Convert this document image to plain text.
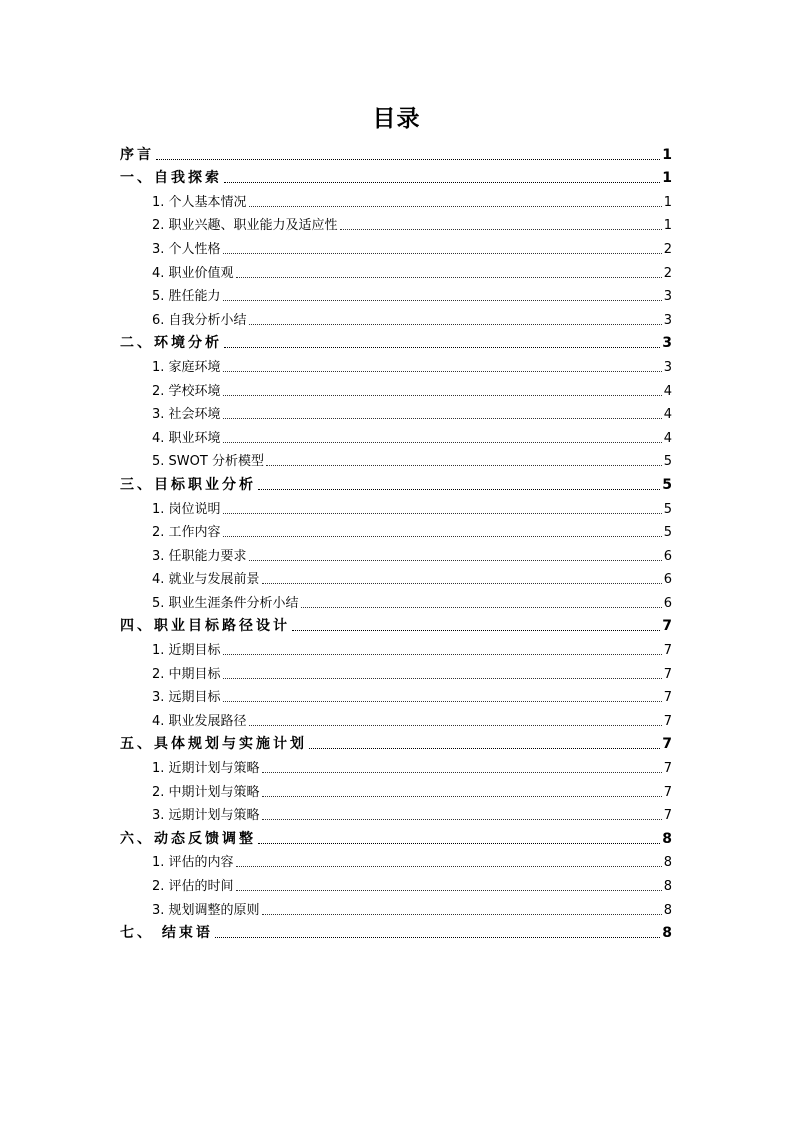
目录
序言	1
一、自我探索	1
1. 个人基本情况	1
2. 职业兴趣、职业能力及适应性	1
3. 个人性格	2
4. 职业价值观	2
5. 胜任能力	3
6. 自我分析小结	3
二、环境分析	3
1. 家庭环境	3
2. 学校环境	4
3. 社会环境	4
4. 职业环境	4
5. SWOT 分析模型	5
三、目标职业分析	5
1. 岗位说明	5
2. 工作内容	5
3. 任职能力要求	6
4. 就业与发展前景	6
5. 职业生涯条件分析小结	6
四、职业目标路径设计	7
1. 近期目标	7
2. 中期目标	7
3. 远期目标	7
4. 职业发展路径	7
五、具体规划与实施计划	7
1. 近期计划与策略	7
2. 中期计划与策略	7
3. 远期计划与策略	7
六、动态反馈调整	8
1. 评估的内容	8
2. 评估的时间	8
3. 规划调整的原则	8
七、 结束语	8
